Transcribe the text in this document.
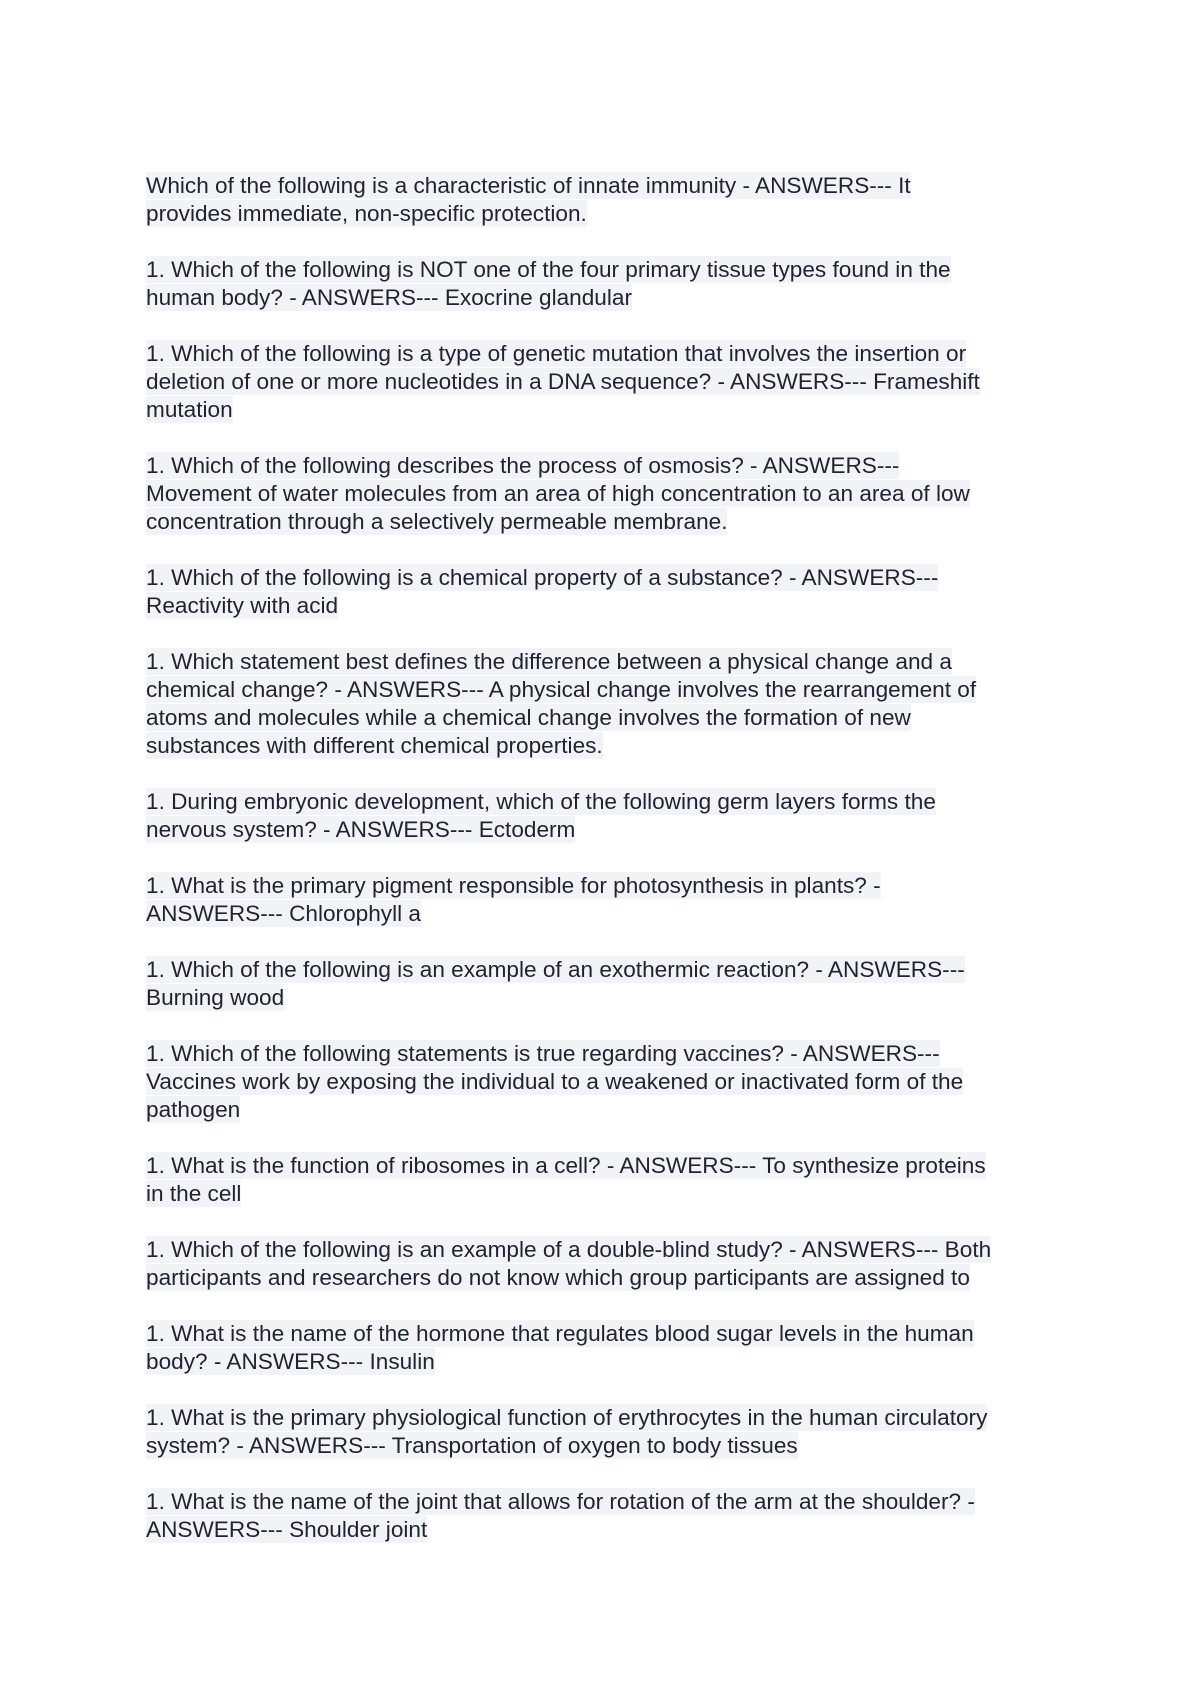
Which of the following is a characteristic of innate immunity - ANSWERS--- It
provides immediate, non-specific protection.
1. Which of the following is NOT one of the four primary tissue types found in the
human body? - ANSWERS--- Exocrine glandular
1. Which of the following is a type of genetic mutation that involves the insertion or
deletion of one or more nucleotides in a DNA sequence? - ANSWERS--- Frameshift
mutation
1. Which of the following describes the process of osmosis? - ANSWERS---
Movement of water molecules from an area of high concentration to an area of low
concentration through a selectively permeable membrane.
1. Which of the following is a chemical property of a substance? - ANSWERS---
Reactivity with acid
1. Which statement best defines the difference between a physical change and a
chemical change? - ANSWERS--- A physical change involves the rearrangement of
atoms and molecules while a chemical change involves the formation of new
substances with different chemical properties.
1. During embryonic development, which of the following germ layers forms the
nervous system? - ANSWERS--- Ectoderm
1. What is the primary pigment responsible for photosynthesis in plants? -
ANSWERS--- Chlorophyll a
1. Which of the following is an example of an exothermic reaction? - ANSWERS---
Burning wood
1. Which of the following statements is true regarding vaccines? - ANSWERS---
Vaccines work by exposing the individual to a weakened or inactivated form of the
pathogen
1. What is the function of ribosomes in a cell? - ANSWERS--- To synthesize proteins
in the cell
1. Which of the following is an example of a double-blind study? - ANSWERS--- Both
participants and researchers do not know which group participants are assigned to
1. What is the name of the hormone that regulates blood sugar levels in the human
body? - ANSWERS--- Insulin
1. What is the primary physiological function of erythrocytes in the human circulatory
system? - ANSWERS--- Transportation of oxygen to body tissues
1. What is the name of the joint that allows for rotation of the arm at the shoulder? -
ANSWERS--- Shoulder joint
